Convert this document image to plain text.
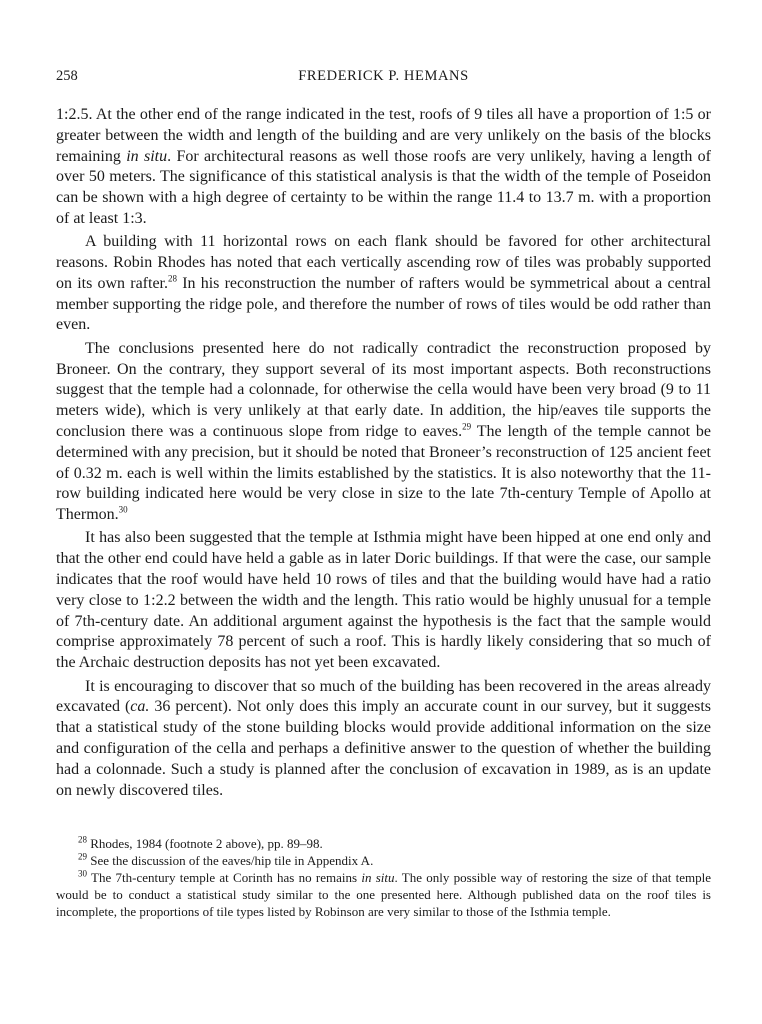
258	FREDERICK P. HEMANS

1:2.5. At the other end of the range indicated in the test, roofs of 9 tiles all have a proportion of 1:5 or greater between the width and length of the building and are very unlikely on the basis of the blocks remaining in situ. For architectural reasons as well those roofs are very unlikely, having a length of over 50 meters. The significance of this statistical analysis is that the width of the temple of Poseidon can be shown with a high degree of certainty to be within the range 11.4 to 13.7 m. with a proportion of at least 1:3.

A building with 11 horizontal rows on each flank should be favored for other architectural reasons. Robin Rhodes has noted that each vertically ascending row of tiles was probably supported on its own rafter.$^{28}$ In his reconstruction the number of rafters would be symmetrical about a central member supporting the ridge pole, and therefore the number of rows of tiles would be odd rather than even.

The conclusions presented here do not radically contradict the reconstruction proposed by Broneer. On the contrary, they support several of its most important aspects. Both reconstructions suggest that the temple had a colonnade, for otherwise the cella would have been very broad (9 to 11 meters wide), which is very unlikely at that early date. In addition, the hip/eaves tile supports the conclusion there was a continuous slope from ridge to eaves.$^{29}$ The length of the temple cannot be determined with any precision, but it should be noted that Broneer’s reconstruction of 125 ancient feet of 0.32 m. each is well within the limits established by the statistics. It is also noteworthy that the 11-row building indicated here would be very close in size to the late 7th-century Temple of Apollo at Thermon.$^{30}$

It has also been suggested that the temple at Isthmia might have been hipped at one end only and that the other end could have held a gable as in later Doric buildings. If that were the case, our sample indicates that the roof would have held 10 rows of tiles and that the building would have had a ratio very close to 1:2.2 between the width and the length. This ratio would be highly unusual for a temple of 7th-century date. An additional argument against the hypothesis is the fact that the sample would comprise approximately 78 percent of such a roof. This is hardly likely considering that so much of the Archaic destruction deposits has not yet been excavated.

It is encouraging to discover that so much of the building has been recovered in the areas already excavated (ca. 36 percent). Not only does this imply an accurate count in our survey, but it suggests that a statistical study of the stone building blocks would provide additional information on the size and configuration of the cella and perhaps a definitive answer to the question of whether the building had a colonnade. Such a study is planned after the conclusion of excavation in 1989, as is an update on newly discovered tiles.

$^{28}$ Rhodes, 1984 (footnote 2 above), pp. 89–98.

$^{29}$ See the discussion of the eaves/hip tile in Appendix A.

$^{30}$ The 7th-century temple at Corinth has no remains in situ. The only possible way of restoring the size of that temple would be to conduct a statistical study similar to the one presented here. Although published data on the roof tiles is incomplete, the proportions of tile types listed by Robinson are very similar to those of the Isthmia temple.
